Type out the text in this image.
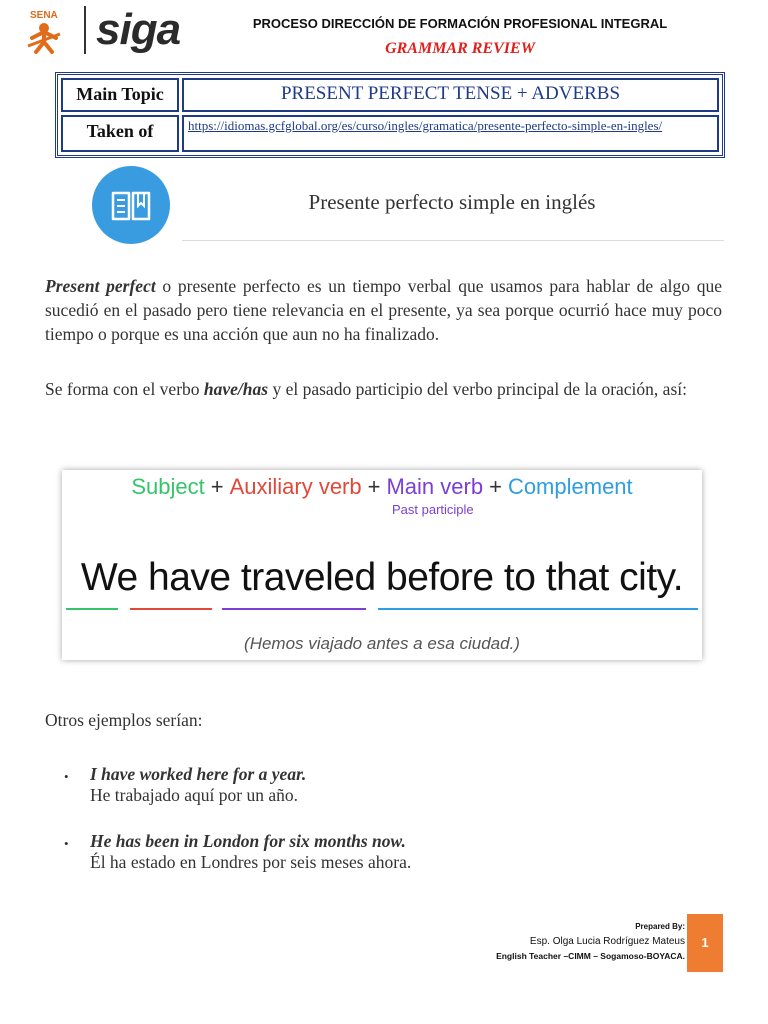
SENA siga	PROCESO DIRECCIÓN DE FORMACIÓN PROFESIONAL INTEGRAL
GRAMMAR REVIEW
Main Topic	PRESENT PERFECT TENSE + ADVERBS
Taken of	https://idiomas.gcfglobal.org/es/curso/ingles/gramatica/presente-perfecto-simple-en-ingles/
Presente perfecto simple en inglés
Present perfect o presente perfecto es un tiempo verbal que usamos para hablar de algo que sucedió en el pasado pero tiene relevancia en el presente, ya sea porque ocurrió hace muy poco tiempo o porque es una acción que aun no ha finalizado.
Se forma con el verbo have/has y el pasado participio del verbo principal de la oración, así:
Subject + Auxiliary verb + Main verb + Complement
Past participle
We have traveled before to that city.
(Hemos viajado antes a esa ciudad.)
Otros ejemplos serían:
• I have worked here for a year.
He trabajado aquí por un año.
• He has been in London for six months now.
Él ha estado en Londres por seis meses ahora.
Prepared By:
Esp. Olga Lucia Rodríguez Mateus
English Teacher –CIMM – Sogamoso-BOYACA.
1
